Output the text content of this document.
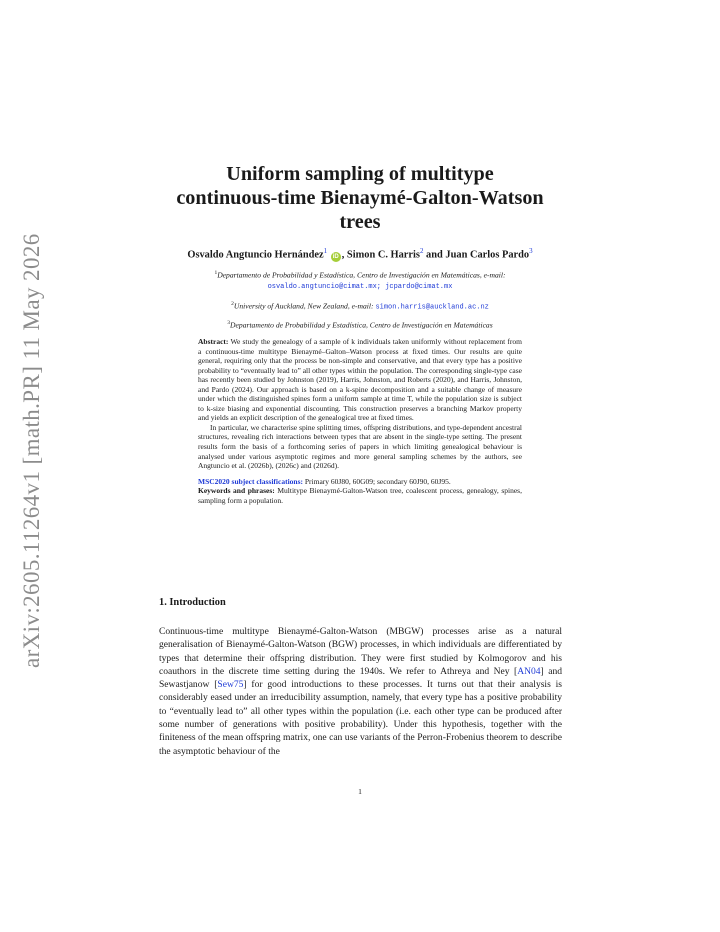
arXiv:2605.11264v1 [math.PR] 11 May 2026
Uniform sampling of multitype
continuous-time Bienaymé-Galton-Watson
trees
Osvaldo Angtuncio Hernández$^1$ iD , Simon C. Harris$^2$ and Juan Carlos Pardo$^3$
$^1$Departamento de Probabilidad y Estadística, Centro de Investigación en Matemáticas, e-mail:
osvaldo.angtuncio@cimat.mx; jcpardo@cimat.mx
$^2$University of Auckland, New Zealand, e-mail: simon.harris@auckland.ac.nz
$^3$Departamento de Probabilidad y Estadística, Centro de Investigación en Matemáticas

Abstract: We study the genealogy of a sample of k individuals taken uniformly without replacement from a continuous-time multitype Bienaymé–Galton–Watson process at fixed times. Our results are quite general, requiring only that the process be non-simple and conservative, and that every type has a positive probability to “eventually lead to” all other types within the population. The corresponding single-type case has recently been studied by Johnston (2019), Harris, Johnston, and Roberts (2020), and Harris, Johnston, and Pardo (2024). Our approach is based on a k-spine decomposition and a suitable change of measure under which the distinguished spines form a uniform sample at time T, while the population size is subject to k-size biasing and exponential discounting. This construction preserves a branching Markov property and yields an explicit description of the genealogical tree at fixed times.

In particular, we characterise spine splitting times, offspring distributions, and type-dependent ancestral structures, revealing rich interactions between types that are absent in the single-type setting. The present results form the basis of a forthcoming series of papers in which limiting genealogical behaviour is analysed under various asymptotic regimes and more general sampling schemes by the authors, see Angtuncio et al. (2026b), (2026c) and (2026d).

MSC2020 subject classifications: Primary 60J80, 60G09; secondary 60J90, 60J95.

Keywords and phrases: Multitype Bienaymé-Galton-Watson tree, coalescent process, genealogy, spines, sampling form a population.

1. Introduction

Continuous-time multitype Bienaymé-Galton-Watson (MBGW) processes arise as a natural generalisation of Bienaymé-Galton-Watson (BGW) processes, in which individuals are differentiated by types that determine their offspring distribution. They were first studied by Kolmogorov and his coauthors in the discrete time setting during the 1940s. We refer to Athreya and Ney [AN04] and Sewastjanow [Sew75] for good introductions to these processes. It turns out that their analysis is considerably eased under an irreducibility assumption, namely, that every type has a positive probability to “eventually lead to” all other types within the population (i.e. each other type can be produced after some number of generations with positive probability). Under this hypothesis, together with the finiteness of the mean offspring matrix, one can use variants of the Perron-Frobenius theorem to describe the asymptotic behaviour of the

1
